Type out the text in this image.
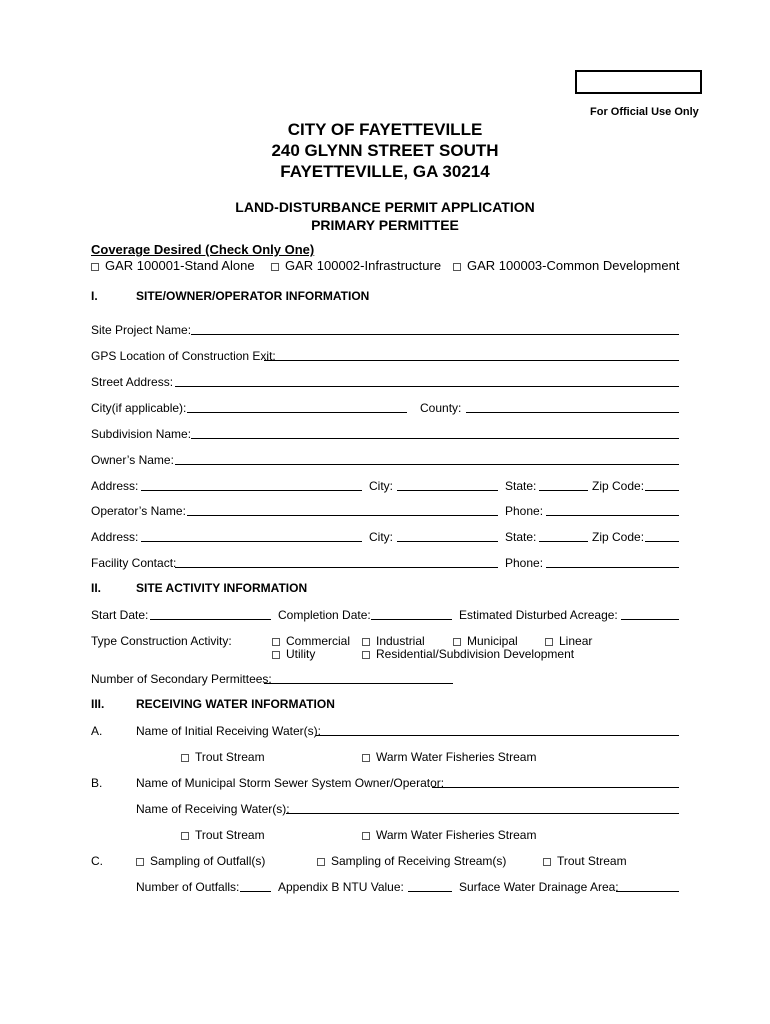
For Official Use Only
CITY OF FAYETTEVILLE
240 GLYNN STREET SOUTH
FAYETTEVILLE, GA 30214
LAND-DISTURBANCE PERMIT APPLICATION
PRIMARY PERMITTEE
Coverage Desired (Check Only One)
GAR 100001-Stand Alone	GAR 100002-Infrastructure	GAR 100003-Common Development
I.	SITE/OWNER/OPERATOR INFORMATION
Site Project Name:
GPS Location of Construction Exit:
Street Address:
City(if applicable):	County:
Subdivision Name:
Owner’s Name:
Address:	City:	State:	Zip Code:
Operator’s Name:	Phone:
Address:	City:	State:	Zip Code:
Facility Contact:	Phone:
II.	SITE ACTIVITY INFORMATION
Start Date:	Completion Date:	Estimated Disturbed Acreage:
Type Construction Activity:	Commercial	Industrial	Municipal	Linear
Utility	Residential/Subdivision Development
Number of Secondary Permittees:
III.	RECEIVING WATER INFORMATION
A.	Name of Initial Receiving Water(s):
Trout Stream	Warm Water Fisheries Stream
B.	Name of Municipal Storm Sewer System Owner/Operator:
Name of Receiving Water(s):
Trout Stream	Warm Water Fisheries Stream
C.	Sampling of Outfall(s)	Sampling of Receiving Stream(s)	Trout Stream
Number of Outfalls:	Appendix B NTU Value:	Surface Water Drainage Area:
